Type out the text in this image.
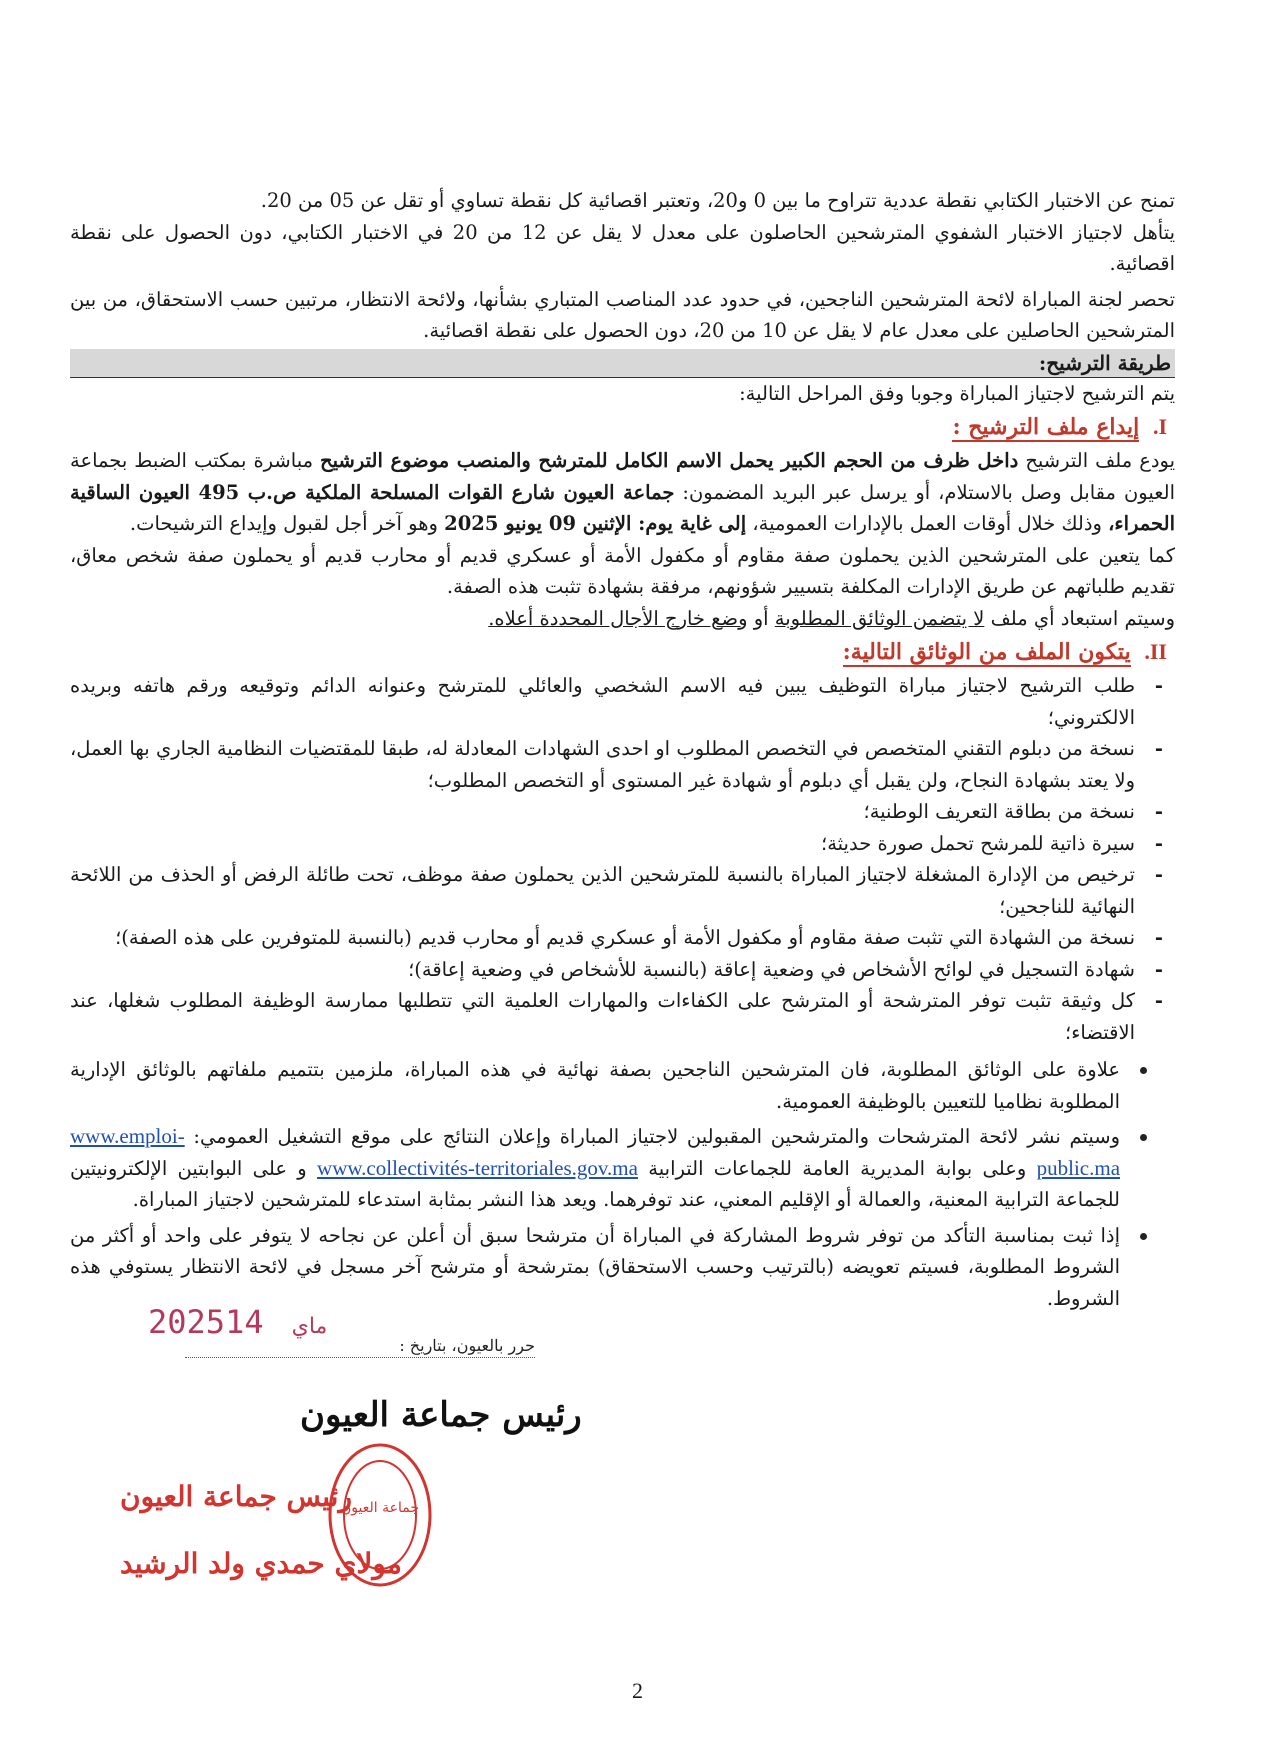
تمنح عن الاختبار الكتابي نقطة عددية تتراوح ما بين 0 و20، وتعتبر اقصائية كل نقطة تساوي أو تقل عن 05 من 20.

يتأهل لاجتياز الاختبار الشفوي المترشحين الحاصلون على معدل لا يقل عن 12 من 20 في الاختبار الكتابي، دون الحصول على نقطة اقصائية.

تحصر لجنة المباراة لائحة المترشحين الناجحين، في حدود عدد المناصب المتباري بشأنها، ولائحة الانتظار، مرتبين حسب الاستحقاق، من بين المترشحين الحاصلين على معدل عام لا يقل عن 10 من 20، دون الحصول على نقطة اقصائية.

طريقة الترشيح:

يتم الترشيح لاجتياز المباراة وجوبا وفق المراحل التالية:

I. إيداع ملف الترشيح :

يودع ملف الترشيح داخل ظرف من الحجم الكبير يحمل الاسم الكامل للمترشح والمنصب موضوع الترشيح مباشرة بمكتب الضبط بجماعة العيون مقابل وصل بالاستلام، أو يرسل عبر البريد المضمون: جماعة العيون شارع القوات المسلحة الملكية ص.ب 495 العيون الساقية الحمراء، وذلك خلال أوقات العمل بالإدارات العمومية، إلى غاية يوم: الإثنين 09 يونيو 2025 وهو آخر أجل لقبول وإيداع الترشيحات.

كما يتعين على المترشحين الذين يحملون صفة مقاوم أو مكفول الأمة أو عسكري قديم أو محارب قديم أو يحملون صفة شخص معاق، تقديم طلباتهم عن طريق الإدارات المكلفة بتسيير شؤونهم، مرفقة بشهادة تثبت هذه الصفة.

وسيتم استبعاد أي ملف لا يتضمن الوثائق المطلوبة أو وضع خارج الأجال المحددة أعلاه.

II. يتكون الملف من الوثائق التالية:
- طلب الترشيح لاجتياز مباراة التوظيف يبين فيه الاسم الشخصي والعائلي للمترشح وعنوانه الدائم وتوقيعه ورقم هاتفه وبريده الالكتروني؛
- نسخة من دبلوم التقني المتخصص في التخصص المطلوب او احدى الشهادات المعادلة له، طبقا للمقتضيات النظامية الجاري بها العمل، ولا يعتد بشهادة النجاح، ولن يقبل أي دبلوم أو شهادة غير المستوى أو التخصص المطلوب؛
- نسخة من بطاقة التعريف الوطنية؛
- سيرة ذاتية للمرشح تحمل صورة حديثة؛
- ترخيص من الإدارة المشغلة لاجتياز المباراة بالنسبة للمترشحين الذين يحملون صفة موظف، تحت طائلة الرفض أو الحذف من اللائحة النهائية للناجحين؛
- نسخة من الشهادة التي تثبت صفة مقاوم أو مكفول الأمة أو عسكري قديم أو محارب قديم (بالنسبة للمتوفرين على هذه الصفة)؛
- شهادة التسجيل في لوائح الأشخاص في وضعية إعاقة (بالنسبة للأشخاص في وضعية إعاقة)؛
- كل وثيقة تثبت توفر المترشحة أو المترشح على الكفاءات والمهارات العلمية التي تتطلبها ممارسة الوظيفة المطلوب شغلها، عند الاقتضاء؛
علاوة على الوثائق المطلوبة، فان المترشحين الناجحين بصفة نهائية في هذه المباراة، ملزمين بتتميم ملفاتهم بالوثائق الإدارية المطلوبة نظاميا للتعيين بالوظيفة العمومية.
وسيتم نشر لائحة المترشحات والمترشحين المقبولين لاجتياز المباراة وإعلان النتائج على موقع التشغيل العمومي: www.emploi-public.ma وعلى بوابة المديرية العامة للجماعات الترابية www.collectivités-territoriales.gov.ma و على البوابتين الإلكترونيتين للجماعة الترابية المعنية، والعمالة أو الإقليم المعني، عند توفرهما. ويعد هذا النشر بمثابة استدعاء للمترشحين لاجتياز المباراة.
إذا ثبت بمناسبة التأكد من توفر شروط المشاركة في المباراة أن مترشحا سبق أن أعلن عن نجاحه لا يتوفر على واحد أو أكثر من الشروط المطلوبة، فسيتم تعويضه (بالترتيب وحسب الاستحقاق) بمترشحة أو مترشح آخر مسجل في لائحة الانتظار يستوفي هذه الشروط.
2025	ماي14
حرر بالعيون، بتاريخ :
رئيس جماعة العيون
رئيس جماعة العيون
جماعة العيون
مولاي حمدي ولد الرشيد
2
